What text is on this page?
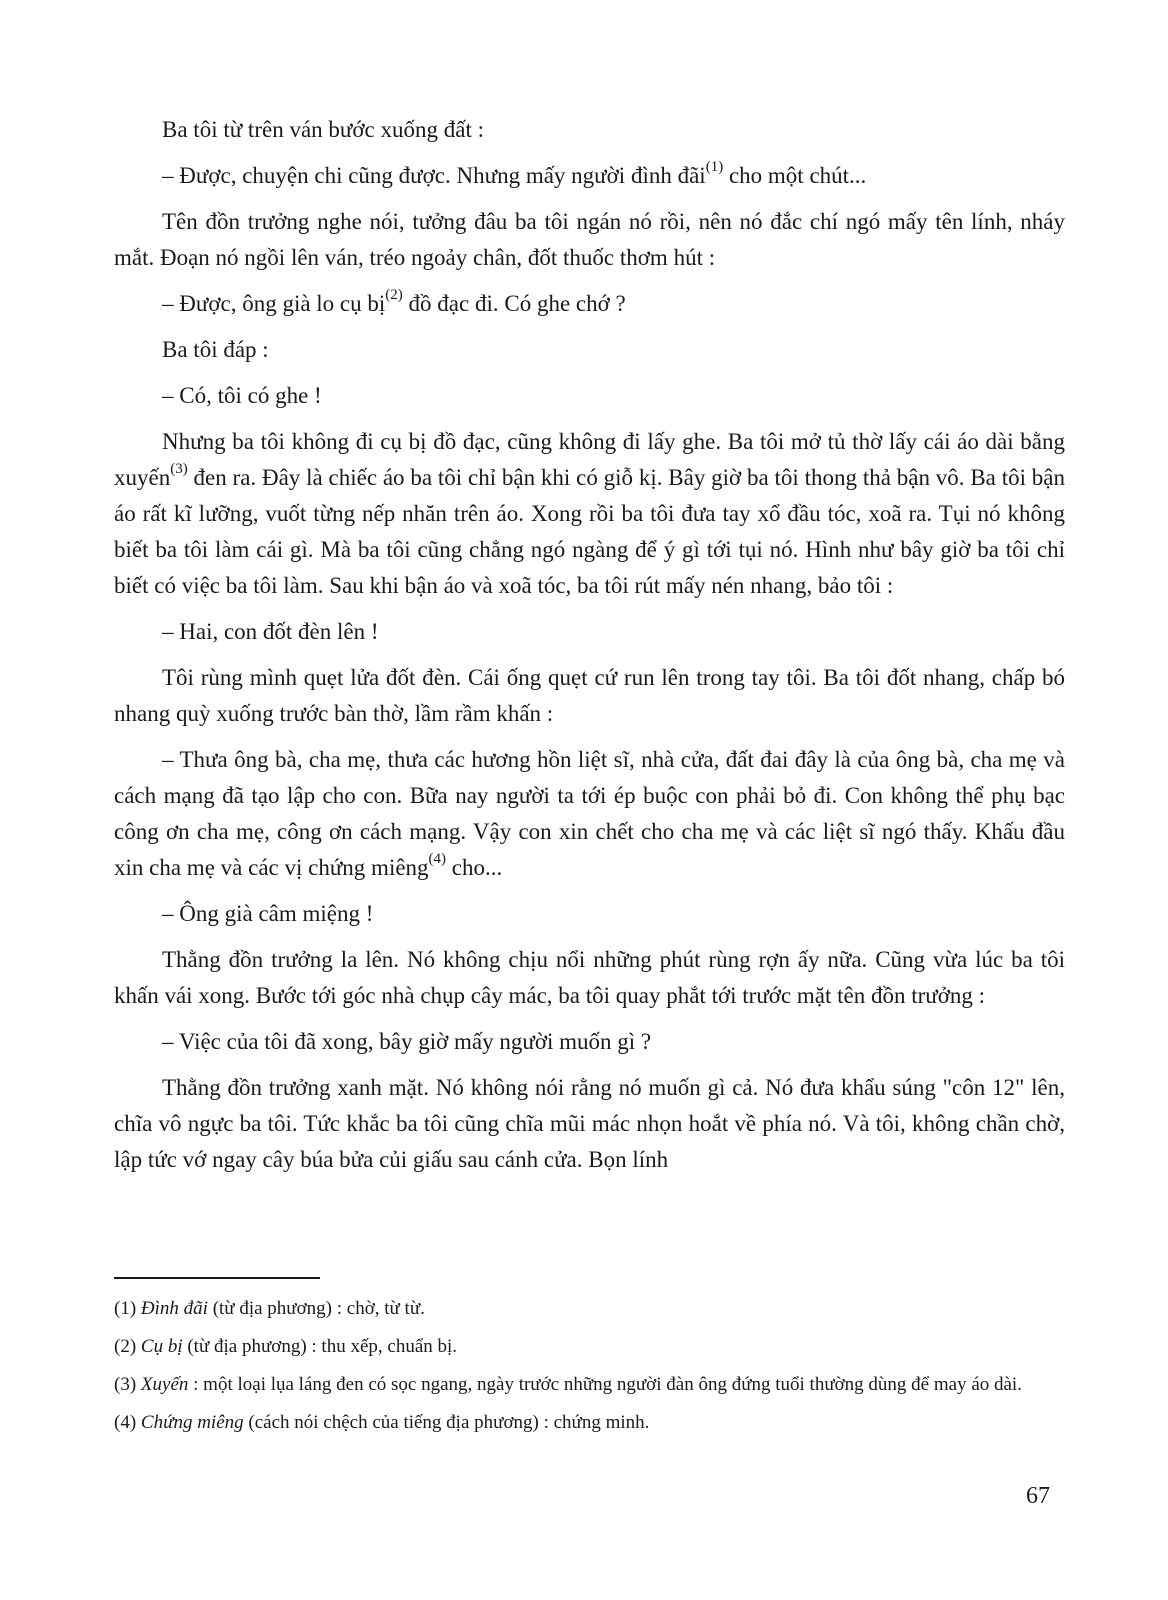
Ba tôi từ trên ván bước xuống đất :

– Được, chuyện chi cũng được. Nhưng mấy người đình đãi$^{(1)}$ cho một chút...

Tên đồn trưởng nghe nói, tưởng đâu ba tôi ngán nó rồi, nên nó đắc chí ngó mấy tên lính, nháy mắt. Đoạn nó ngồi lên ván, tréo ngoảy chân, đốt thuốc thơm hút :

– Được, ông già lo cụ bị$^{(2)}$ đồ đạc đi. Có ghe chớ ?

Ba tôi đáp :

– Có, tôi có ghe !

Nhưng ba tôi không đi cụ bị đồ đạc, cũng không đi lấy ghe. Ba tôi mở tủ thờ lấy cái áo dài bằng xuyến$^{(3)}$ đen ra. Đây là chiếc áo ba tôi chỉ bận khi có giỗ kị. Bây giờ ba tôi thong thả bận vô. Ba tôi bận áo rất kĩ lưỡng, vuốt từng nếp nhăn trên áo. Xong rồi ba tôi đưa tay xổ đầu tóc, xoã ra. Tụi nó không biết ba tôi làm cái gì. Mà ba tôi cũng chẳng ngó ngàng để ý gì tới tụi nó. Hình như bây giờ ba tôi chỉ biết có việc ba tôi làm. Sau khi bận áo và xoã tóc, ba tôi rút mấy nén nhang, bảo tôi :

– Hai, con đốt đèn lên !

Tôi rùng mình quẹt lửa đốt đèn. Cái ống quẹt cứ run lên trong tay tôi. Ba tôi đốt nhang, chấp bó nhang quỳ xuống trước bàn thờ, lầm rầm khấn :

– Thưa ông bà, cha mẹ, thưa các hương hồn liệt sĩ, nhà cửa, đất đai đây là của ông bà, cha mẹ và cách mạng đã tạo lập cho con. Bữa nay người ta tới ép buộc con phải bỏ đi. Con không thể phụ bạc công ơn cha mẹ, công ơn cách mạng. Vậy con xin chết cho cha mẹ và các liệt sĩ ngó thấy. Khấu đầu xin cha mẹ và các vị chứng miêng$^{(4)}$ cho...

– Ông già câm miệng !

Thằng đồn trưởng la lên. Nó không chịu nổi những phút rùng rợn ấy nữa. Cũng vừa lúc ba tôi khấn vái xong. Bước tới góc nhà chụp cây mác, ba tôi quay phắt tới trước mặt tên đồn trưởng :

– Việc của tôi đã xong, bây giờ mấy người muốn gì ?

Thằng đồn trưởng xanh mặt. Nó không nói rằng nó muốn gì cả. Nó đưa khẩu súng "côn 12" lên, chĩa vô ngực ba tôi. Tức khắc ba tôi cũng chĩa mũi mác nhọn hoắt về phía nó. Và tôi, không chần chờ, lập tức vớ ngay cây búa bửa củi giấu sau cánh cửa. Bọn lính

(1) Đình đãi (từ địa phương) : chờ, từ từ.
(2) Cụ bị (từ địa phương) : thu xếp, chuẩn bị.
(3) Xuyến : một loại lụa láng đen có sọc ngang, ngày trước những người đàn ông đứng tuổi thường dùng để may áo dài.
(4) Chứng miêng (cách nói chệch của tiếng địa phương) : chứng minh.
67
